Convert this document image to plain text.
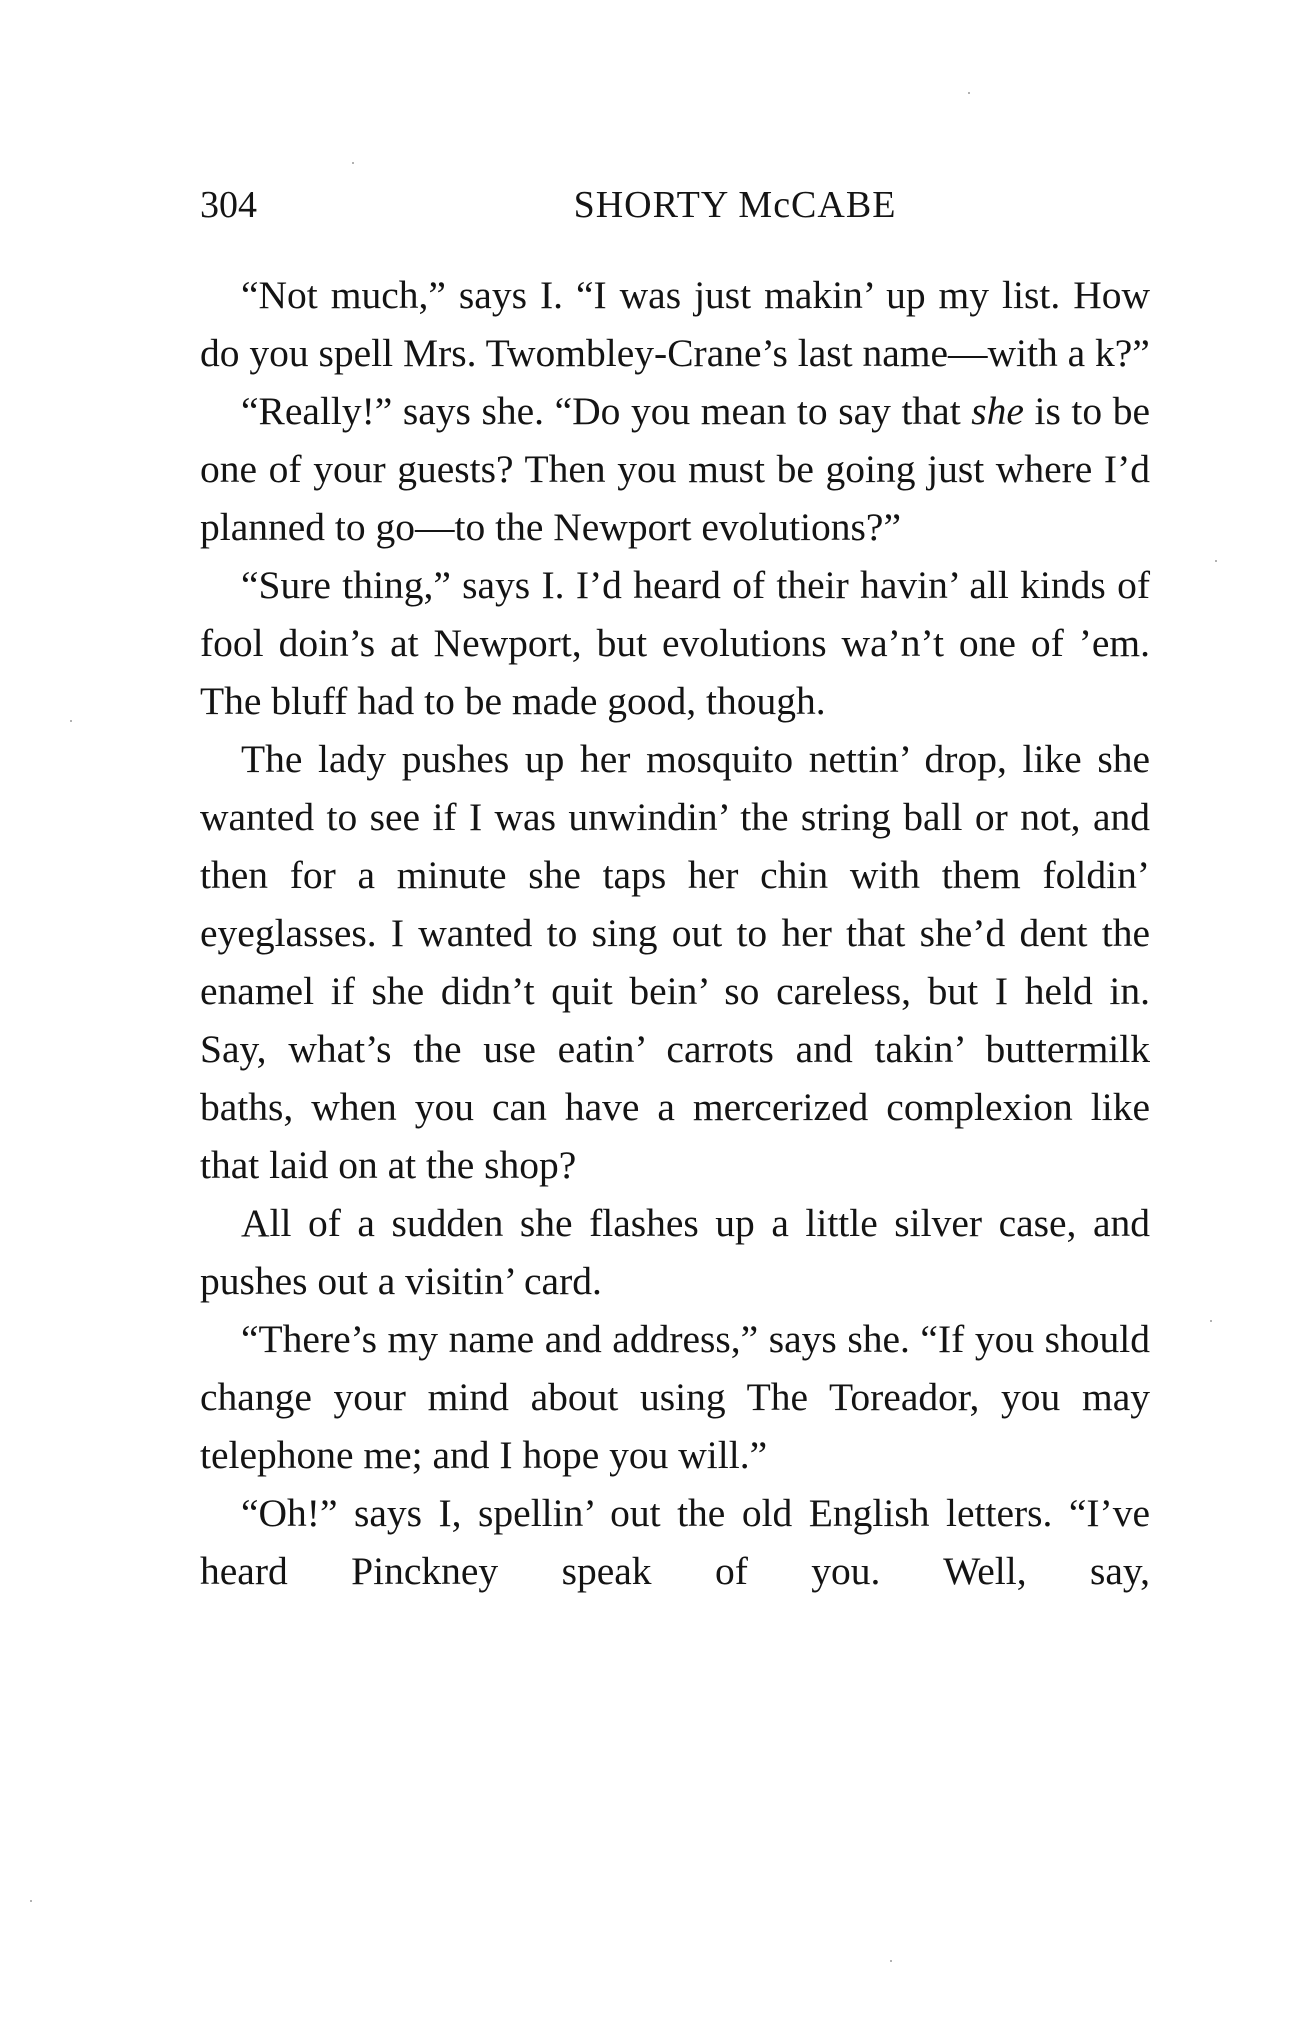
304	SHORTY McCABE

“Not much,” says I. “I was just makin’ up my list. How do you spell Mrs. Twombley-Crane’s last name—with a k?”

“Really!” says she. “Do you mean to say that she is to be one of your guests? Then you must be going just where I’d planned to go—to the Newport evolutions?”

“Sure thing,” says I. I’d heard of their havin’ all kinds of fool doin’s at Newport, but evolutions wa’n’t one of ’em. The bluff had to be made good, though.

The lady pushes up her mosquito nettin’ drop, like she wanted to see if I was unwindin’ the string ball or not, and then for a minute she taps her chin with them foldin’ eyeglasses. I wanted to sing out to her that she’d dent the enamel if she didn’t quit bein’ so careless, but I held in. Say, what’s the use eatin’ carrots and takin’ buttermilk baths, when you can have a mercerized complexion like that laid on at the shop?

All of a sudden she flashes up a little silver case, and pushes out a visitin’ card.

“There’s my name and address,” says she. “If you should change your mind about using The Toreador, you may telephone me; and I hope you will.”

“Oh!” says I, spellin’ out the old English letters. “I’ve heard Pinckney speak of you. Well, say,
